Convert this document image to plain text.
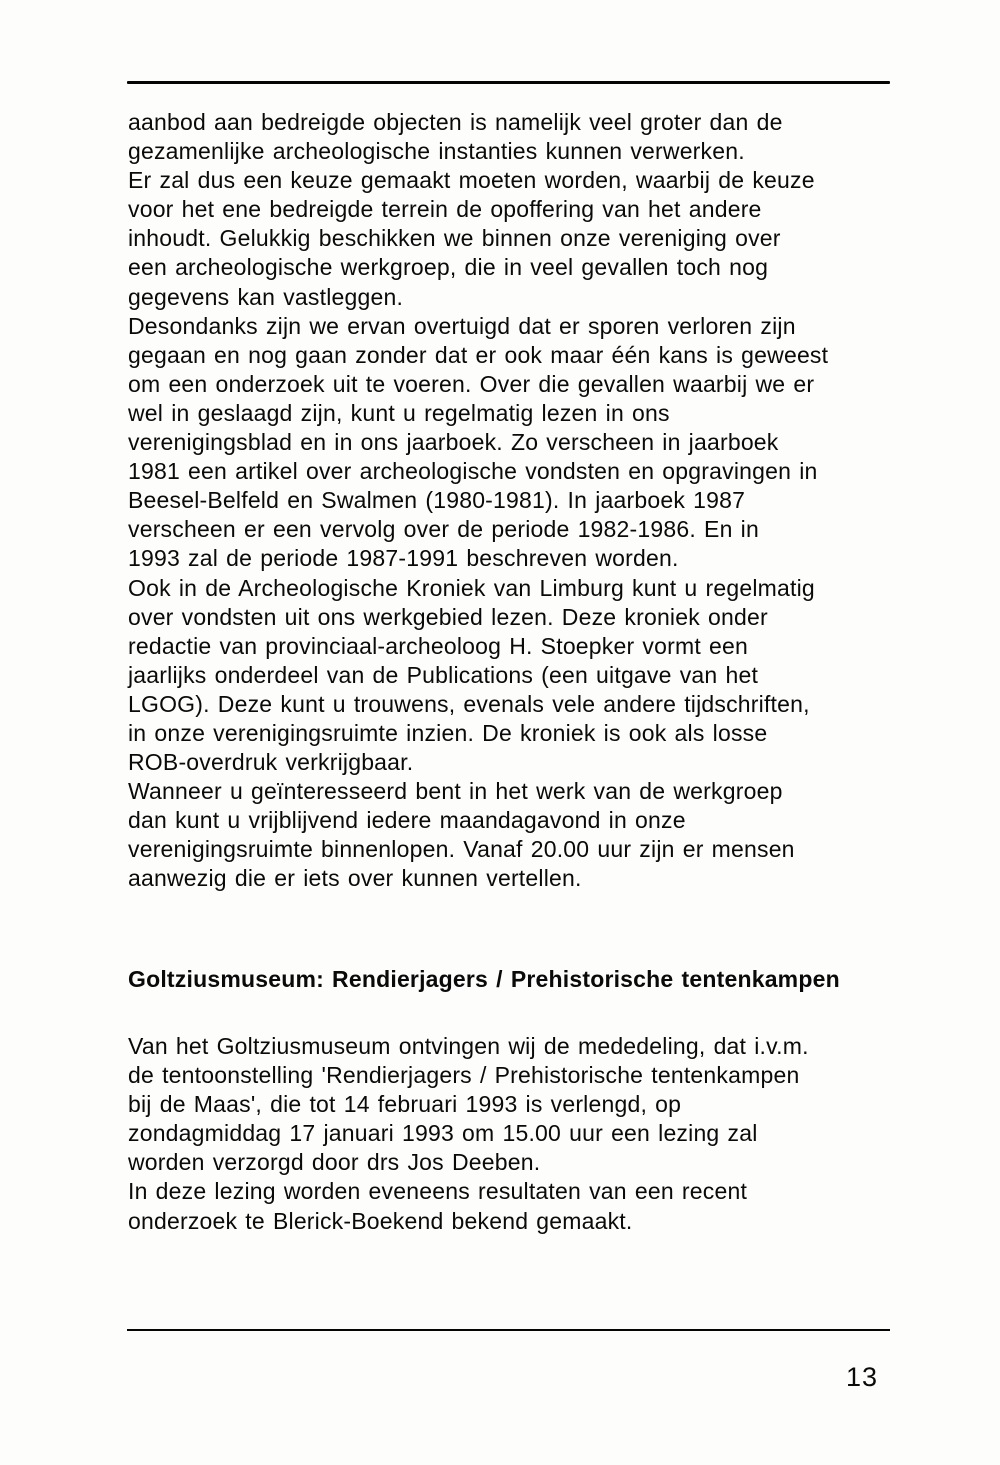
aanbod aan bedreigde objecten is namelijk veel groter dan de
gezamenlijke archeologische instanties kunnen verwerken.
Er zal dus een keuze gemaakt moeten worden, waarbij de keuze
voor het ene bedreigde terrein de opoffering van het andere
inhoudt. Gelukkig beschikken we binnen onze vereniging over
een archeologische werkgroep, die in veel gevallen toch nog
gegevens kan vastleggen.
Desondanks zijn we ervan overtuigd dat er sporen verloren zijn
gegaan en nog gaan zonder dat er ook maar één kans is geweest
om een onderzoek uit te voeren. Over die gevallen waarbij we er
wel in geslaagd zijn, kunt u regelmatig lezen in ons
verenigingsblad en in ons jaarboek. Zo verscheen in jaarboek
1981 een artikel over archeologische vondsten en opgravingen in
Beesel-Belfeld en Swalmen (1980-1981). In jaarboek 1987
verscheen er een vervolg over de periode 1982-1986. En in
1993 zal de periode 1987-1991 beschreven worden.
Ook in de Archeologische Kroniek van Limburg kunt u regelmatig
over vondsten uit ons werkgebied lezen. Deze kroniek onder
redactie van provinciaal-archeoloog H. Stoepker vormt een
jaarlijks onderdeel van de Publications (een uitgave van het
LGOG). Deze kunt u trouwens, evenals vele andere tijdschriften,
in onze verenigingsruimte inzien. De kroniek is ook als losse
ROB-overdruk verkrijgbaar.
Wanneer u geïnteresseerd bent in het werk van de werkgroep
dan kunt u vrijblijvend iedere maandagavond in onze
verenigingsruimte binnenlopen. Vanaf 20.00 uur zijn er mensen
aanwezig die er iets over kunnen vertellen.
Goltziusmuseum: Rendierjagers / Prehistorische tentenkampen
Van het Goltziusmuseum ontvingen wij de mededeling, dat i.v.m.
de tentoonstelling 'Rendierjagers / Prehistorische tentenkampen
bij de Maas', die tot 14 februari 1993 is verlengd, op
zondagmiddag 17 januari 1993 om 15.00 uur een lezing zal
worden verzorgd door drs Jos Deeben.
In deze lezing worden eveneens resultaten van een recent
onderzoek te Blerick-Boekend bekend gemaakt.
13
